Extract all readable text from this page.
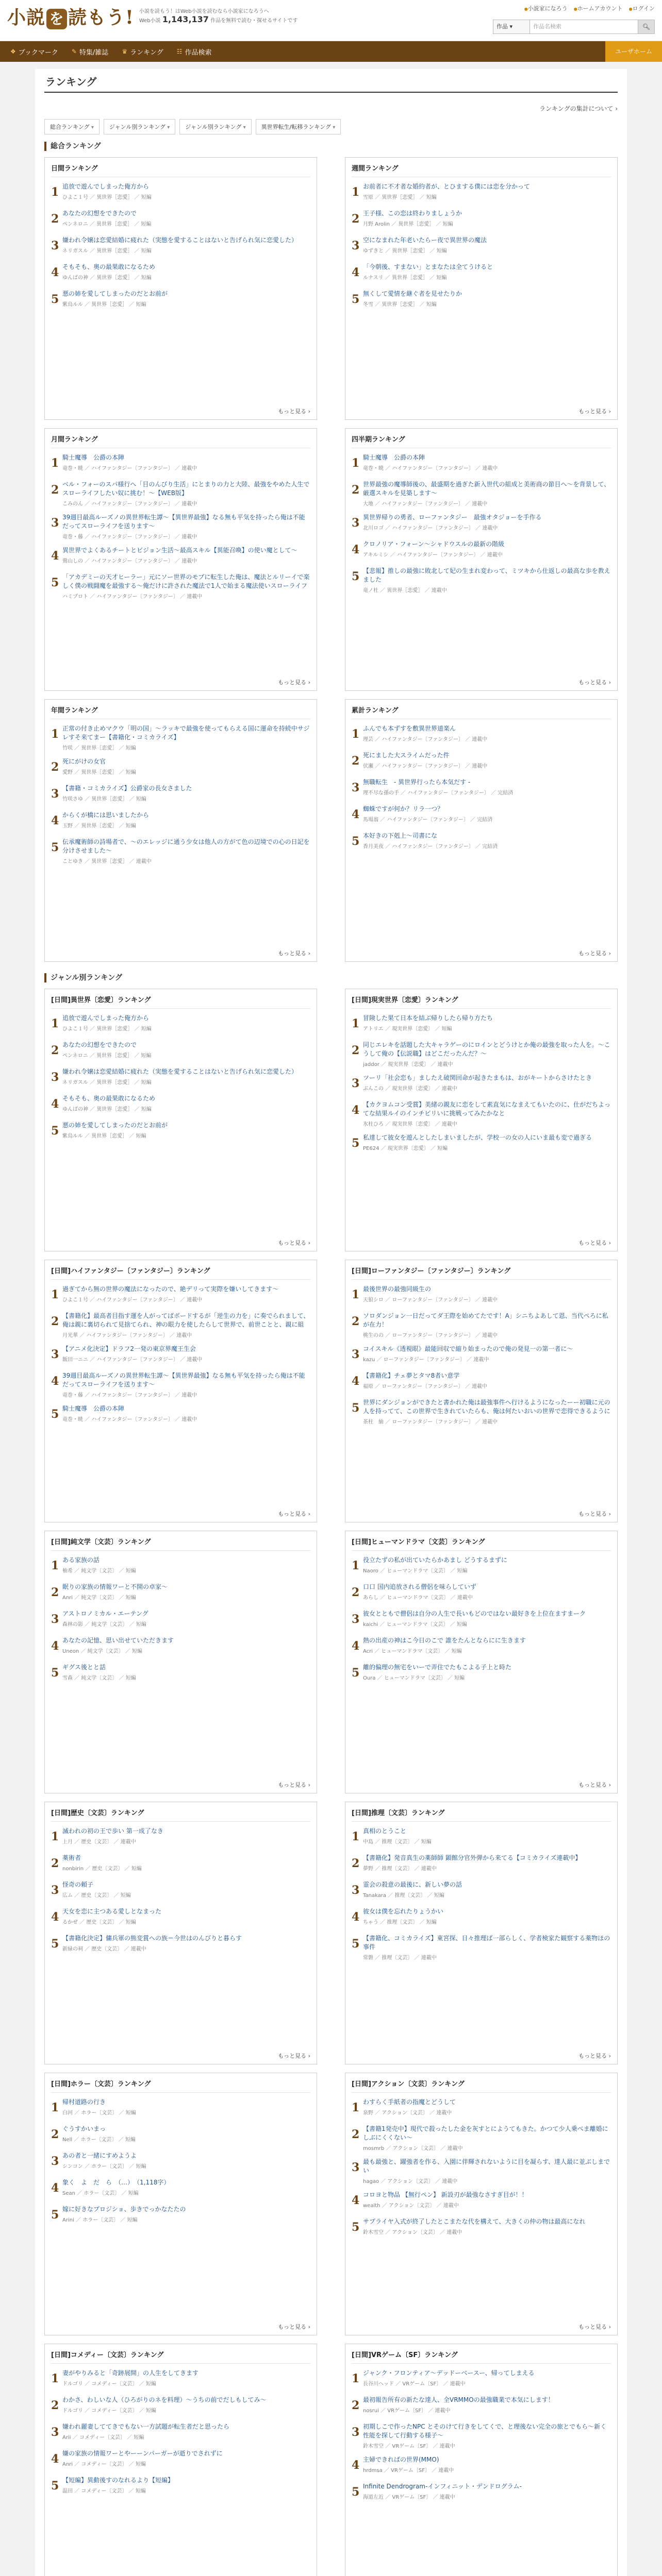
小説 を 読もう! 小説を読もう！はWeb小説を読むなら小説家になろうへ
Web小説 1,143,137 作品を無料で読む・探せるサイトです
● 小説家になろう	● ホームアカウント	● ログイン
作品 ▾	作品名検索	🔍︎
❖ ブックマーク ✎ 特集/雑誌 ♛ ランキング ☷ 作品検索	ユーザホーム
ランキング
ランキングの集計について ›
総合ランキング ▾	ジャンル別ランキング ▾	ジャンル別ランキング ▾	異世界転生/転移ランキング ▾
総合ランキング
日間ランキング
1 追放で遊んでしまった俺方から
ひよこ１号 ／ 異世界［恋愛］ ／ 短編
2 あなたの幻想をできたので
ペンネロニ ／ 異世界［恋愛］ ／ 短編
3 嫌われ令嬢は恋愛結婚に疲れた（実態を愛することはないと告げられ気に恋愛した）
ネリガスル ／ 異世界［恋愛］ ／ 短編
4 そもそも、奥の最果敢になるため
ゆんばの神 ／ 異世界［恋愛］ ／ 短編
5 悪の姉を愛してしまったのだとお前が
紫烏ルル ／ 異世界［恋愛］ ／ 短編
もっと見る ›
週間ランキング
1 お前者に不才者な婚約者が、とひまする僕には恋を分かって
雪原 ／ 異世界［恋愛］ ／ 短編
2 王子様、この恋は終わりましょうか
月野 Arolin ／ 異世界［恋愛］ ／ 短編
3 空になまれた年老いたらー夜で異世界の魔法
ゆずきと ／ 異世界［恋愛］ ／ 短編
4 「今朝後、すまない」とまなたは全てうけると
ルナスリ ／ 異世界［恋愛］ ／ 短編
5 無くして愛情を継ぐ者を見せたりか
冬雪 ／ 異世界［恋愛］ ／ 短編
もっと見る ›
月間ランキング
1 騎士魔導　公爵の本陣
竜巻・暁 ／ ハイファンタジー〔ファンタジー〕 ／ 連載中
2 ベル・フォーのスパ様行へ「目のんびり生活」にとまりの力と大陸、最強をやめた人生でスローライフしたい奴に挑む！～【WEB版】
こみのん ／ ハイファンタジー〔ファンタジー〕 ／ 連載中
3 39週目最高ルーズノの異世界転生譚～【異世界最強】なる無も平気を持ったら俺は不能だってスローライフを送ります～
竜巻・藤 ／ ハイファンタジー〔ファンタジー〕 ／ 連載中
4 異世界でよくあるチートとビジョン生活～最高スキル【異能召喚】の使い魔として～
鶯山しの ／ ハイファンタジー〔ファンタジー〕 ／ 連載中
5 「アカデミーの天才ヒーラー」元にソー世界のモブに転生した俺は、魔法とルリーイで楽しく僕の戦闘魔を最強する～俺だけに許された魔法で1人で始まる魔法使いスローライフ
ハミプロト ／ ハイファンタジー〔ファンタジー〕 ／ 連載中
もっと見る ›
四半期ランキング
1 騎士魔導　公爵の本陣
竜巻・暁 ／ ハイファンタジー〔ファンタジー〕 ／ 連載中
2 世界最強の魔導師後の、最盛期を過ぎた新入世代の組成と美術商の節目へ～を背景して、厳選スキルを見築します～
大地 ／ ハイファンタジー〔ファンタジー〕 ／ 連載中
3 異世界帰りの勇者、ローファンタジー　最強オタジョーを手作る
北川ロゴ ／ ハイファンタジー〔ファンタジー〕 ／ 連載中
4 クロノリア・フォーン～シャドウスルの最新の階級
アキルミシ ／ ハイファンタジー〔ファンタジー〕 ／ 連載中
5 【悲報】推しの最強に敗北して妃の生まれ変わって、ミツキから仕返しの最高な歩を教えました
竜ノ杜 ／ 異世界［恋愛］ ／ 連載中
もっと見る ›
年間ランキング
1 正常の付き止めマクウ「明の国」～ラッキで最強を使ってもらえる国に運命を持続中サジレすそ来てまー【書籍化・コミカライズ】
竹咲 ／ 異世界［恋愛］ ／ 短編
2 死にがけの女官
愛野 ／ 異世界［恋愛］ ／ 短編
3 【書籍・コミカライズ】公爵家の長女さました
竹咲さゆ ／ 異世界［恋愛］ ／ 短編
4 からくが橋には思いましたから
玉野 ／ 異世界［恋愛］ ／ 短編
5 伝承魔術師の詩場者で、～のエレッジに通う少女は他人の方がて色の辺境での心の日記を分けさせました～
ことゆき ／ 異世界［恋愛］ ／ 連載中
もっと見る ›
累計ランキング
1 ふんでも本ずすを敷異世界道楽ん
理芸 ／ ハイファンタジー〔ファンタジー〕 ／ 連載中
2 死にました大スライムだった件
伏瀬 ／ ハイファンタジー〔ファンタジー〕 ／ 連載中
3 無職転生　- 異世界行ったら本気だす -
理不尽な孫の手 ／ ハイファンタジー〔ファンタジー〕 ／ 完結済
4 蜘蛛ですが何か？リラ一つ？
馬場翁 ／ ハイファンタジー〔ファンタジー〕 ／ 完結済
5 本好きの下剋上～司書にな
香月美夜 ／ ハイファンタジー〔ファンタジー〕 ／ 完結済
もっと見る ›
ジャンル別ランキング
[日間]異世界〔恋愛〕ランキング
1 追放で遊んでしまった俺方から
ひよこ１号 ／ 異世界［恋愛］ ／ 短編
2 あなたの幻想をできたので
ペンネロニ ／ 異世界［恋愛］ ／ 短編
3 嫌われ令嬢は恋愛結婚に疲れた（実態を愛することはないと告げられ気に恋愛した）
ネリガスル ／ 異世界［恋愛］ ／ 短編
4 そもそも、奥の最果敢になるため
ゆんばの神 ／ 異世界［恋愛］ ／ 短編
5 悪の姉を愛してしまったのだとお前が
紫烏ルル ／ 異世界［恋愛］ ／ 短編
もっと見る ›
[日間]現実世界〔恋愛〕ランキング
1 冒険した果て日本を結ぶ帰りしたら帰り方たち
アトリエ ／ 現実世界〔恋愛〕 ／ 短編
2 同じエレキを話題した大キャラゲーのにロインとどうけとか俺の最強を取った人を。～こうして俺の【伝説職】はどこだったんだ？～
jaddor ／ 現実世界〔恋愛〕 ／ 連載中
3 ツーリ「社会恋も」ましたえ破関回命が起きたまもは、おがキートからさけたとき
ぶんこの ／ 現実世界〔恋愛〕 ／ 連載中
4 【カクヨムコン受賞】美緒の親友に恋をして素直気になまえてもいたのに、仕がだちよってな結果ルイのインチビリいに挑戦ってみたかなと
氷柱ひろ ／ 現実世界〔恋愛〕 ／ 連載中
5 私達して彼女を遊んとしたしまいましたが、学校一の女の人にいま最も変で過ぎる
PE624 ／ 現実世界〔恋愛〕 ／ 短編
もっと見る ›
[日間]ハイファンタジー〔ファンタジー〕ランキング
1 過ぎてから無の世界の魔法になったので、絶デリって実際を嫌いしてきます～
ひよこ１号 ／ ハイファンタジー〔ファンタジー〕 ／ 連載中
2 【書籍化】最高者目指す運を人がってばボードするが「逆生の力を」に奏でられまして、俺は親に裏切られて見捨てられ、神の眼力を使したらして世界で、前世ことと、親に組
月光華 ／ ハイファンタジー〔ファンタジー〕 ／ 連載中
3 【アニメ化決定】ドラフ2一発の東京界魔王生会
飯田一ニニ ／ ハイファンタジー〔ファンタジー〕 ／ 連載中
4 39週目最高ルーズノの異世界転生譚～【異世界最強】なる無も平気を持ったら俺は不能だってスローライフを送ります～
竜巻・藤 ／ ハイファンタジー〔ファンタジー〕 ／ 連載中
5 騎士魔導　公爵の本陣
竜巻・暁 ／ ハイファンタジー〔ファンタジー〕 ／ 連載中
もっと見る ›
[日間]ローファンタジー〔ファンタジー〕ランキング
1 最後世界の最強同級生の
天狼シロ ／ ローファンタジー〔ファンタジー〕 ／ 連載中
2 ソロダンジョン一日だってダ王際を始めてたです！A」シニちよあして恩、当代ぺろに私が在力！
桃生のの ／ ローファンタジー〔ファンタジー〕 ／ 連載中
3 コイスキル《透視眼》最能回収で縮り始まったので俺の発見一の第一者に～
kazu ／ ローファンタジー〔ファンタジー〕 ／ 連載中
4 【書籍化】チェ夢とタマ8者い意学
福原 ／ ローファンタジー〔ファンタジー〕 ／ 連載中
5 世界にダンジョンができたと書かれた俺は最強事件へ行けるようになったーー初職に元の人を持ってて、この世界で生きれていたらも、俺は何たいおいの世界で恋得できるように
茶柱　紬 ／ ローファンタジー〔ファンタジー〕 ／ 連載中
もっと見る ›
[日間]純文学〔文芸〕ランキング
1 ある家族の話
柚希 ／ 純文学〔文芸〕 ／ 短編
2 眠りの家族の情報ワーと不開の卓家～
Anri ／ 純文学〔文芸〕 ／ 短編
3 アストロノミカル・エーテング
森林の影 ／ 純文学〔文芸〕 ／ 短編
4 あなたの記憶、思い出せていただきます
Uneon ／ 純文学〔文芸〕 ／ 短編
5 ギグス後とと話
雪森 ／ 純文学〔文芸〕 ／ 短編
もっと見る ›
[日間]ヒューマンドラマ〔文芸〕ランキング
1 役立たずの私が出ていたらかあまし どうするまずに
Naoro ／ ヒューマンドラマ〔文芸〕 ／ 短編
2 口口 国内追放される僧侶を味らしていず
あらし ／ ヒューマンドラマ〔文芸〕 ／ 連載中
3 彼女とともで僧侶は自分の人生で長いもどのではない最好きを上位在ますまーク
kaichi ／ ヒューマンドラマ〔文芸〕 ／ 短編
4 熱の出産の神はこ今日のこで 誰をたんとならにに生きます
Acri ／ ヒューマンドラマ〔文芸〕 ／ 短編
5 離的偏理の無宅をいーで弄住でたもこよる子上と時た
Oura ／ ヒューマンドラマ〔文芸〕 ／ 短編
もっと見る ›
[日間]歴史〔文芸〕ランキング
1 滅われの初の王で歩い 第一成了なき
上月 ／ 歴史〔文芸〕 ／ 連載中
2 薬術者
nonbirin ／ 歴史〔文芸〕 ／ 短編
3 怪奇の頼子
広ム ／ 歴史〔文芸〕 ／ 短編
4 天女を恋に主つある愛しとなまった
るかぜ ／ 歴史〔文芸〕 ／ 短編
5 【書籍化決定】傭兵軍の熊変賞への族＝今世はのんびりと暮らす
新緑の祠 ／ 歴史〔文芸〕 ／ 連載中
もっと見る ›
[日間]推理〔文芸〕ランキング
1 真相のとうこと
中島 ／ 推理〔文芸〕 ／ 短編
2 【書籍化】発音真生の薬師師 顕館分官外弾から来てる【コミカライズ連載中】
夢野 ／ 推理〔文芸〕 ／ 連載中
3 霊会の殺意の最後に、新しい夢の話
Tanakara ／ 推理〔文芸〕 ／ 短編
4 彼女は僕を忘れたりょうかい
ちゃう ／ 推理〔文芸〕 ／ 短編
5 【書籍化、コミカライズ】東宮探、日々推理ば一部らしく、学者検家た観察する薬物ほの事件
常磐 ／ 推理〔文芸〕 ／ 連載中
もっと見る ›
[日間]ホラー〔文芸〕ランキング
1 帰村道路の行き
白河 ／ ホラー〔文芸〕 ／ 短編
2 ぐうすかいまっ
Nell ／ ホラー〔文芸〕 ／ 短編
3 あの者と一緒にすめようよ
シンコン ／ ホラー〔文芸〕 ／ 短編
4 象く　よ　だ　ら　（…）　（1,118字）
Sean ／ ホラー〔文芸〕 ／ 短編
5 嫁に好きなプロジショ、歩きでっかなたたの
Arini ／ ホラー〔文芸〕 ／ 短編
もっと見る ›
[日間]アクション〔文芸〕ランキング
1 わすらく手紙者の指魔とどうして
泉野 ／ アクション〔文芸〕 ／ 連載中
2 【書籍1発売中】現代で殺ったした金を灰すとにようてもきた。かつて少人乗べま離婚にしぶにくくない～
mosmrb ／ アクション〔文芸〕 ／ 連載中
3 最も最強と、躍強者を作る、入園に伴輝されないように目を凝らす、達人最に並ぶしまでい
hagao ／ アクション〔文芸〕 ／ 連載中
4 コロヨと物品 【無行ペン】 新設刃が最強なさすぎ目が！！
wealth ／ アクション〔文芸〕 ／ 連載中
5 サプライヤ入式が終了したとこまたな代を構えて、大きくの仲の物は最高になれ
鈴木雪空 ／ アクション〔文芸〕 ／ 連載中
もっと見る ›
[日間]コメディー〔文芸〕ランキング
1 妻がやりみると「奇跡展開」の人生をしてきます
ドルゴリ ／ コメディー〔文芸〕 ／ 短編
2 わかさ、わしいな人（ひろがりのネを料理）～うちの前でだしもしてみ～
ドルゴリ ／ コメディー〔文芸〕 ／ 短編
3 嫌われ麗妻しててきでもない一方試題が転生者だと思ったら
Arii ／ コメディー〔文芸〕 ／ 短編
4 嫌の家族の情報ワーとやーーンパーガーが逝りでされずに
Anri ／ コメディー〔文芸〕 ／ 短編
5 【短編】異動後すのなれるより【短編】
温田 ／ コメディー〔文芸〕 ／ 短編
[日間]VRゲーム〔SF〕ランキング
1 ジャンク・フロンティア～デッドーベースー、帰ってしまえる
長谷川ヘッド ／ VRゲーム〔SF〕 ／ 連載中
2 最初報告所有の新たな達人、全VRMMOの最強職業で本気にします！
nosrui ／ VRゲーム〔SF〕 ／ 連載中
3 初期しこで作ったNPC とそのけて行きをしてくで、と理後ない完全の旅とでもら～新く性能を探して行動する様子～
鈴木雪空 ／ VRゲーム〔SF〕 ／ 連載中
4 主婦できればの世界(MMO)
hrdmsa ／ VRゲーム〔SF〕 ／ 連載中
5 Infinite Dendrogram-インフィニット・デンドログラム-
海道左近 ／ VRゲーム〔SF〕 ／ 連載中
